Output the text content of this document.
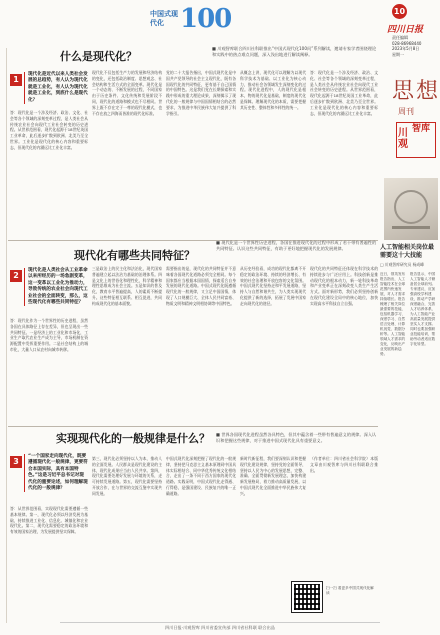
中国式现代化 100
■ 川观智库联合四川社科联推出“中国式现代化100问”系列解读，邀请专家学者围绕理论和实践中的热点难点问题，深入浅出地进行解读阐释。
10
四川日报
责任编辑
028-86968440
2023年5月8日
星期一
思想
周刊
川观
智库
人工智能相关岗位最需要这十大技能
□ 川观智库研究员 杨成峰
近日，领英发布报告指出，人工智能技术在全球范围内快速发展，对人才需求持续增长。报告梳理了相关岗位最需要的技能，包括机器学习、深度学习、自然语言处理、计算机视觉、数据分析等。人工智能领域人才需求的变化，反映出产业发展的新趋势。
报告显示，中国人工智能人才储备居全球前列。专家建议，应加强高校学科建设，推动产学研深度融合，完善人才培养体系，为人工智能产业高质量发展提供坚实人才支撑。同时也要加强职业技能培训，帮助劳动者适应数字化转型。
什么是现代化？
1
现代化是近代以来人类社会发展的总趋势，有人认为现代化就是工业化，有人认为现代化就是工业化，到底什么是现代化？
答：现代化是一个涉及经济、政治、文化、社会等各个领域的深刻变革过程，是人类社会从传统农业社会向现代工业社会转变的历史进程。从世界范围看，现代化起源于18世纪英国工业革命，此后逐步扩散到欧洲、北美乃至全世界。工业化是现代化的核心内容和重要标志，但现代化的内涵远比工业化丰富。
现代化不仅包括生产力的发展和经济结构的变化，还包括政治制度、思想观念、社会结构和生活方式的全面变革。现代化是一个动态的、不断发展的过程，不同国家由于历史条件、文化传统和发展阶段不同，现代化的道路和模式也不尽相同。世界上既不存在定于一尊的现代化模式，也不存在放之四海而皆准的现代化标准。
党的二十大报告指出，中国式现代化是中国共产党领导的社会主义现代化，既有各国现代化的共同特征，更有基于自己国情的中国特色。这是我们党在长期探索和实践中形成的重大理论成果，深刻揭示了现代化的一般规律与中国国情相结合的必然要求，为推进中华民族伟大复兴提供了科学指引。
从概念上讲，现代化可以理解为以现代科学技术为基础、以工业化为核心动力，推动社会各领域发生深刻变化的过程。现代化进程中，人的现代化是根本，物的现代化是基础，制度的现代化是保障。理解现代化的本质，需要把握其历史性、整体性和多样性的统一。
答：现代化是一个涉及经济、政治、文化、社会等各个领域的深刻变革过程，是人类社会从传统农业社会向现代工业社会转变的历史进程。从世界范围看，现代化起源于18世纪英国工业革命，此后逐步扩散到欧洲、北美乃至全世界。工业化是现代化的核心内容和重要标志，但现代化的内涵远比工业化丰富。
现代化有哪些共同特征？
■ 现代化是一个世界性历史进程，各国在推进现代化的过程中形成了若干带有普遍性的共同特征。认识这些共同特征，有助于更好地把握现代化的发展规律。
2
现代化是人类社会从工业革命以来所经历的一场急剧变革，这一变革以工业化为推动力，导致传统的农业社会向现代工业社会的全面转变，那么，这些现代化有哪些共同特征？
答：现代化作为一个世界性的历史进程，虽然各国在具体路径上存在差异，但也呈现出一些共同特征。一是经济上的工业化和市场化，工业生产取代农业生产成为主导，市场机制在资源配置中发挥重要作用。二是社会结构上的城市化，大量人口从农村向城市转移。
三是政治上的民主化和法治化，现代国家普遍建立起以法治为基础的治理体系。四是文化上的世俗化和理性化，科学精神和理性思维成为社会主流。五是知识的普及化，教育水平普遍提高，人的素质不断提升。这些特征相互联系、相互促进，共同构成现代化的基本面貌。
需要指出的是，现代化的共同特征并不意味着各国现代化道路必须完全相同。每个国家都应当根据本国国情，探索适合自身发展的现代化道路。中国式现代化既遵循现代化的一般规律，又立足中国国情，体现了人口规模巨大、全体人民共同富裕、物质文明和精神文明相协调等中国特色。
从历史经验看，成功的现代化都离不开稳定的政治环境、持续的经济增长、有效的社会治理和开放包容的文化氛围。中国式现代化坚持走和平发展道路，坚持人与自然和谐共生，为人类实现现代化提供了新的选择，拓展了发展中国家走向现代化的途径。
现代化的共同特征还体现在科学技术的持续进步与广泛应用上。科技创新是推动现代化的根本动力，新一轮科技革命和产业变革正在深刻改变人类生产生活方式。面对新形势，我们必须坚持创新在现代化建设全局中的核心地位，加快实现高水平科技自立自强。
实现现代化的一般规律是什么？ ■ 世界各国现代化进程虽然各具特色，但其中蕴含着一些带有普遍意义的规律。深入认识和把握这些规律，对于推进中国式现代化具有重要意义。
3
“一个国家走向现代化，既要遵循现代化一般规律，更要符合本国实际，具有本国特色。”这是习近平总书记对现代化的重要论述，如何理解现代化的一般规律？
答：从世界范围看，实现现代化需要遵循一些基本规律。第一，现代化必须以经济发展为基础，持续推进工业化、信息化、城镇化和农业现代化。第二，现代化需要稳定的政治环境和有效的国家治理，为发展提供坚实保障。
第三，现代化必须坚持以人为本，推动人的全面发展。人民群众是现代化建设的主体，现代化成果应当由人民共享。第四，现代化需要处理好发展与环境的关系，走可持续发展道路。第五，现代化需要坚持开放合作，在与世界的交流互鉴中实现共同发展。
中国式现代化深刻把握了现代化的一般规律，坚持把马克思主义基本原理同中国具体实际相结合、同中华优秀传统文化相结合，走出了一条不同于西方国家的现代化道路。实践证明，中国式现代化走得通、行得稳，是强国建设、民族复兴的唯一正确道路。
新时代新征程，我们要深刻认识和把握现代化建设规律，坚持党的全面领导，坚持以人民为中心的发展思想，完整、准确、全面贯彻新发展理念，加快构建新发展格局，着力推动高质量发展，以中国式现代化全面推进中华民族伟大复兴。
（作者单位：四川省社会科学院）本版文章由川观智库与四川社科联联合推出。
扫一扫 看更多中国式现代化解读
四川日报·川观智库 四川省委宣传部 四川省社科联 联合出品
